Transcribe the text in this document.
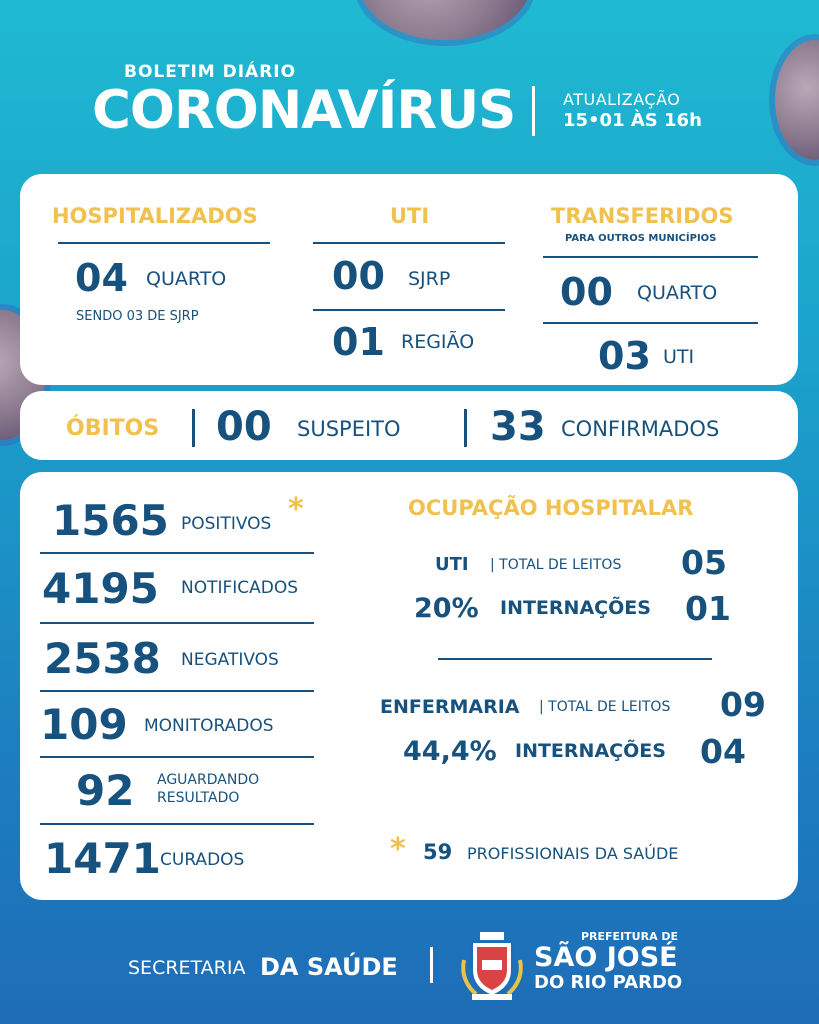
BOLETIM DIÁRIO
CORONAVÍRUS	ATUALIZAÇÃO
15•01 ÀS 16h
HOSPITALIZADOS
04 QUARTO
SENDO 03 DE SJRP
UTI
00 SJRP
01 REGIÃO
TRANSFERIDOS
PARA OUTROS MUNICÍPIOS
00 QUARTO
03 UTI
ÓBITOS 00 SUSPEITO 33 CONFIRMADOS
1565 POSITIVOS *
4195 NOTIFICADOS
2538 NEGATIVOS
109 MONITORADOS
92 AGUARDANDO
RESULTADO
1471 CURADOS
OCUPAÇÃO HOSPITALAR
UTI | TOTAL DE LEITOS 05
20% INTERNAÇÕES 01
ENFERMARIA | TOTAL DE LEITOS 09
44,4% INTERNAÇÕES 04
* 59 PROFISSIONAIS DA SAÚDE
SECRETARIA DA SAÚDE
PREFEITURA DE
SÃO JOSÉ
DO RIO PARDO
